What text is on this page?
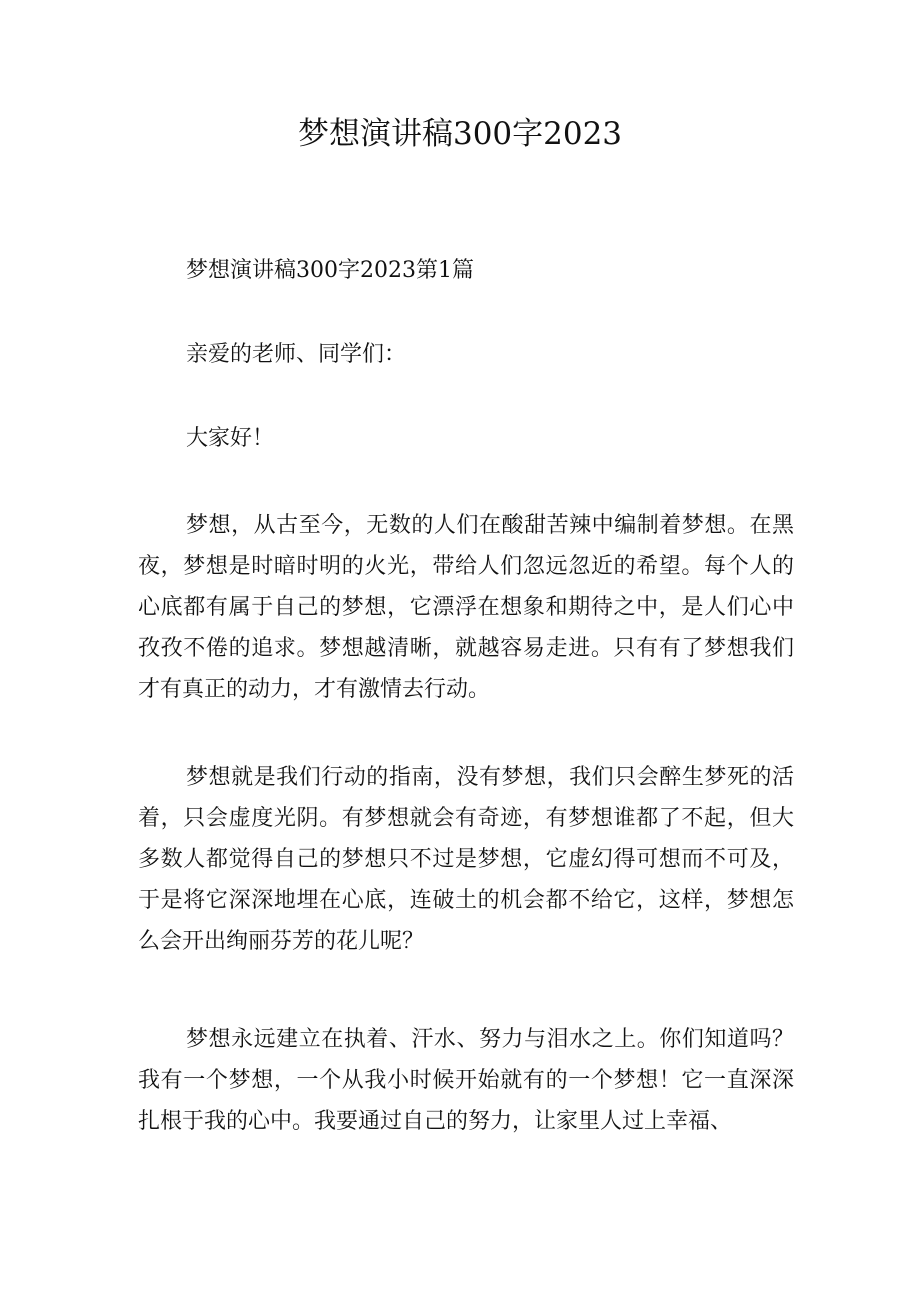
梦想演讲稿300字2023

梦想演讲稿300字2023第1篇

亲爱的老师、同学们：

大家好！

梦想，从古至今，无数的人们在酸甜苦辣中编制着梦想。在黑夜，梦想是时暗时明的火光，带给人们忽远忽近的希望。每个人的心底都有属于自己的梦想，它漂浮在想象和期待之中，是人们心中孜孜不倦的追求。梦想越清晰，就越容易走进。只有有了梦想我们才有真正的动力，才有激情去行动。

梦想就是我们行动的指南，没有梦想，我们只会醉生梦死的活着，只会虚度光阴。有梦想就会有奇迹，有梦想谁都了不起，但大多数人都觉得自己的梦想只不过是梦想，它虚幻得可想而不可及，于是将它深深地埋在心底，连破土的机会都不给它，这样，梦想怎么会开出绚丽芬芳的花儿呢？

梦想永远建立在执着、汗水、努力与泪水之上。你们知道吗？我有一个梦想，一个从我小时候开始就有的一个梦想！它一直深深扎根于我的心中。我要通过自己的努力，让家里人过上幸福、
